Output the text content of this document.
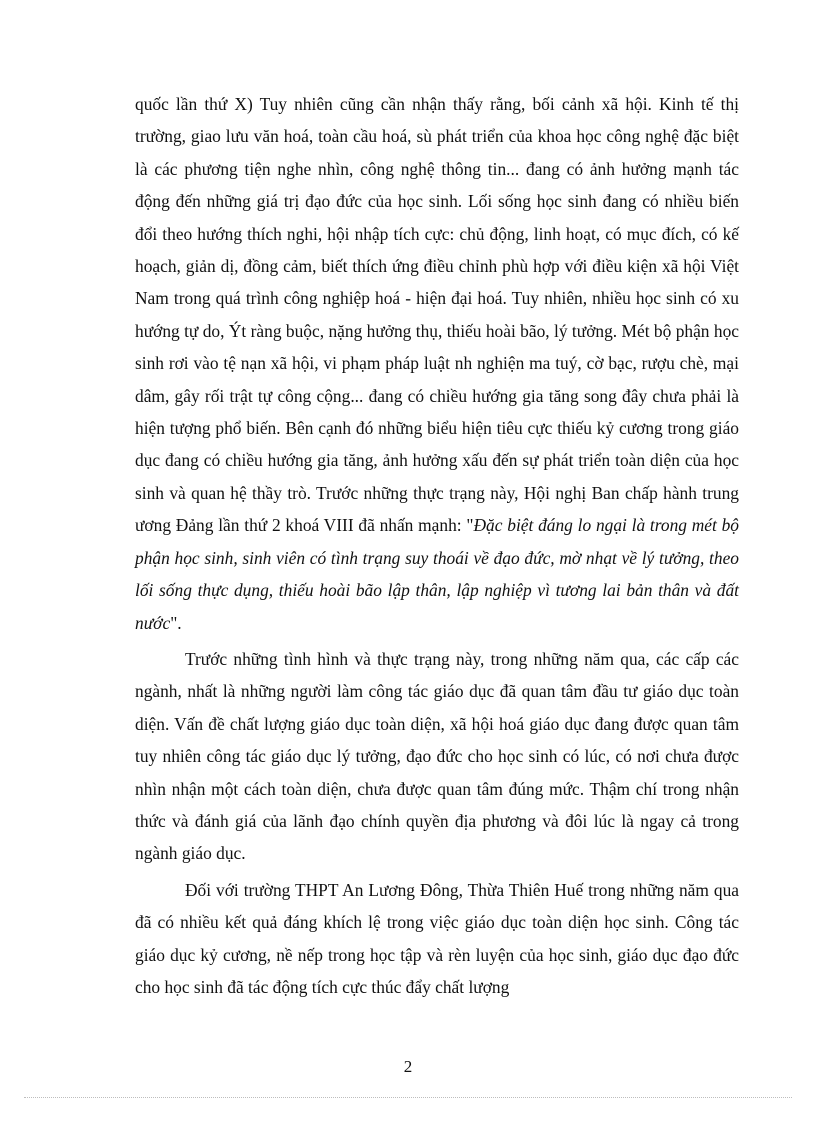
quốc lần thứ X) Tuy nhiên cũng cần nhận thấy rằng, bối cảnh xã hội. Kinh tế thị trường, giao lưu văn hoá, toàn cầu hoá, sù phát triển của khoa học công nghệ đặc biệt là các phương tiện nghe nhìn, công nghệ thông tin... đang có ảnh hưởng mạnh tác động đến những giá trị đạo đức của học sinh. Lối sống học sinh đang có nhiều biến đổi theo hướng thích nghi, hội nhập tích cực: chủ động, linh hoạt, có mục đích, có kế hoạch, giản dị, đồng cảm, biết thích ứng điều chỉnh phù hợp với điều kiện xã hội Việt Nam trong quá trình công nghiệp hoá - hiện đại hoá. Tuy nhiên, nhiều học sinh có xu hướng tự do, Ýt ràng buộc, nặng hưởng thụ, thiếu hoài bão, lý tưởng. Mét bộ phận học sinh rơi vào tệ nạn xã hội, vi phạm pháp luật nh nghiện ma tuý, cờ bạc, rượu chè, mại dâm, gây rối trật tự công cộng... đang có chiều hướng gia tăng song đây chưa phải là hiện tượng phổ biến. Bên cạnh đó những biểu hiện tiêu cực thiếu kỷ cương trong giáo dục đang có chiều hướng gia tăng, ảnh hưởng xấu đến sự phát triển toàn diện của học sinh và quan hệ thầy trò. Trước những thực trạng này, Hội nghị Ban chấp hành trung ương Đảng lần thứ 2 khoá VIII đã nhấn mạnh: "Đặc biệt đáng lo ngại là trong mét bộ phận học sinh, sinh viên có tình trạng suy thoái về đạo đức, mờ nhạt về lý tưởng, theo lối sống thực dụng, thiếu hoài bão lập thân, lập nghiệp vì tương lai bản thân và đất nước".

Trước những tình hình và thực trạng này, trong những năm qua, các cấp các ngành, nhất là những người làm công tác giáo dục đã quan tâm đầu tư giáo dục toàn diện. Vấn đề chất lượng giáo dục toàn diện, xã hội hoá giáo dục đang được quan tâm tuy nhiên công tác giáo dục lý tưởng, đạo đức cho học sinh có lúc, có nơi chưa được nhìn nhận một cách toàn diện, chưa được quan tâm đúng mức. Thậm chí trong nhận thức và đánh giá của lãnh đạo chính quyền địa phương và đôi lúc là ngay cả trong ngành giáo dục.

Đối với trường THPT An Lương Đông, Thừa Thiên Huế trong những năm qua đã có nhiều kết quả đáng khích lệ trong việc giáo dục toàn diện học sinh. Công tác giáo dục kỷ cương, nề nếp trong học tập và rèn luyện của học sinh, giáo dục đạo đức cho học sinh đã tác động tích cực thúc đẩy chất lượng

2
